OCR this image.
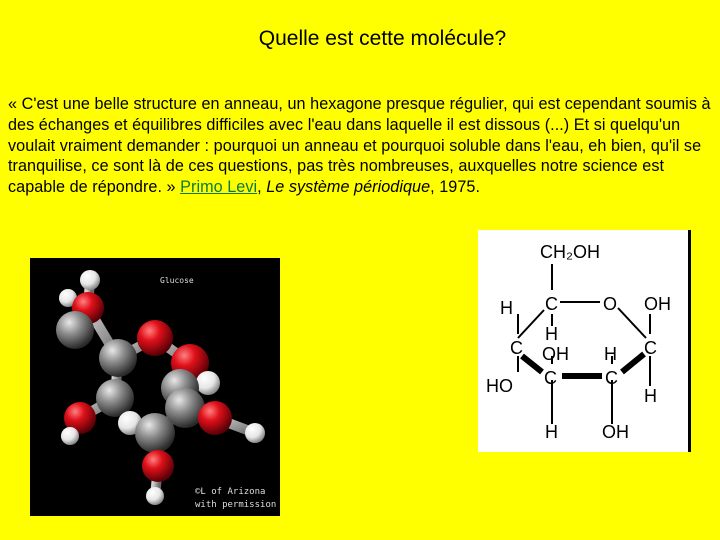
Quelle est cette molécule?
« C'est une belle structure en anneau, un hexagone presque régulier, qui est cependant soumis à des échanges et équilibres difficiles avec l'eau dans laquelle il est dissous (...) Et si quelqu'un voulait vraiment demander : pourquoi un anneau et pourquoi soluble dans l'eau, eh bien, qu'il se tranquilise, ce sont là de ces questions, pas très nombreuses, auxquelles notre science est capable de répondre. » Primo Levi, Le système périodique, 1975.
Glucose
©L of Arizona
with permission
CH₂OH
H C	O OH
H
C OH H C
HO C	C
H
H OH
